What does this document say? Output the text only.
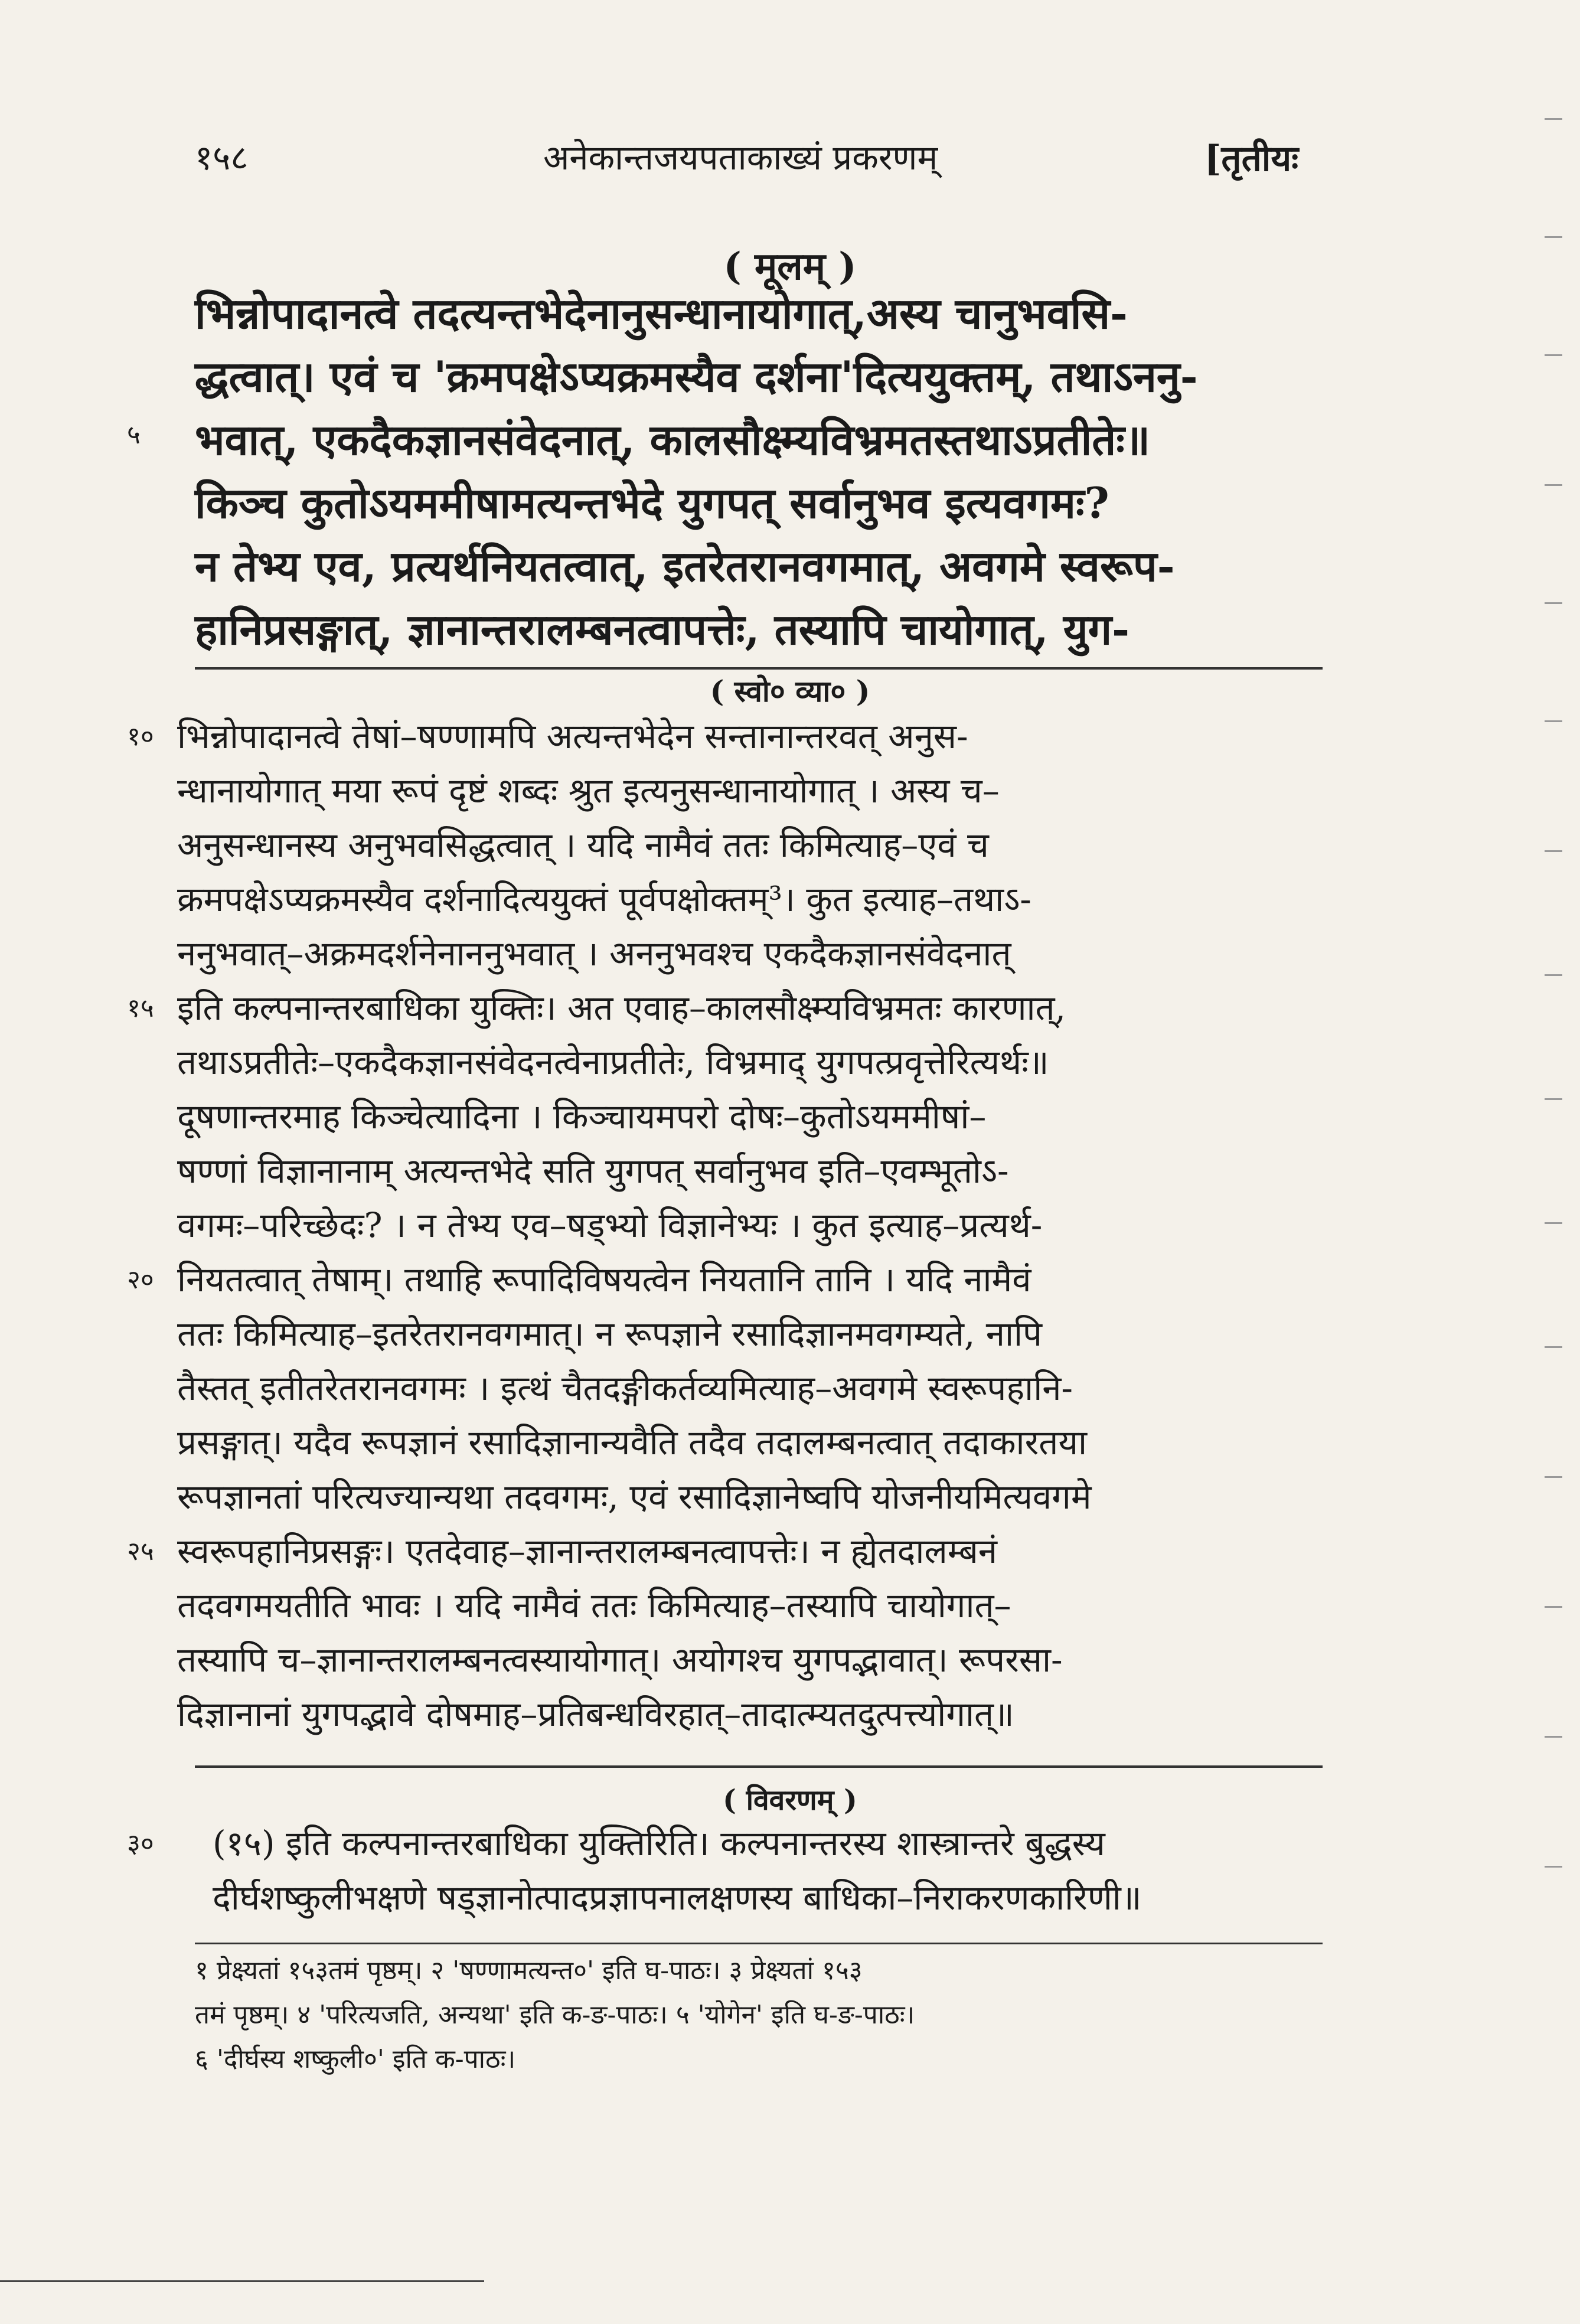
१५८	अनेकान्तजयपताकाख्यं प्रकरणम्	[तृतीयः
( मूलम् )
भिन्नोपादानत्वे तदत्यन्तभेदेनानुसन्धानायोगात्,अस्य चानुभवसि-
द्धत्वात्। एवं च 'क्रमपक्षेऽप्यक्रमस्यैव दर्शना'दित्ययुक्तम्, तथाऽननु-
५	भवात्, एकदैकज्ञानसंवेदनात्, कालसौक्ष्म्यविभ्रमतस्तथाऽप्रतीतेः॥
किञ्च कुतोऽयममीषामत्यन्तभेदे युगपत् सर्वानुभव इत्यवगमः?
न तेभ्य एव, प्रत्यर्थनियतत्वात्, इतरेतरानवगमात्, अवगमे स्वरूप-
हानिप्रसङ्गात्, ज्ञानान्तरालम्बनत्वापत्तेः, तस्यापि चायोगात्, युग-
( स्वो० व्या० )
१० भिन्नोपादानत्वे तेषां–षण्णामपि अत्यन्तभेदेन सन्तानान्तरवत् अनुस-
न्धानायोगात् मया रूपं दृष्टं शब्दः श्रुत इत्यनुसन्धानायोगात् । अस्य च–
अनुसन्धानस्य अनुभवसिद्धत्वात् । यदि नामैवं ततः किमित्याह–एवं च
क्रमपक्षेऽप्यक्रमस्यैव दर्शनादित्ययुक्तं पूर्वपक्षोक्तम्³। कुत इत्याह–तथाऽ-
ननुभवात्–अक्रमदर्शनेनाननुभवात् । अननुभवश्च एकदैकज्ञानसंवेदनात्
१५ इति कल्पनान्तरबाधिका युक्तिः। अत एवाह–कालसौक्ष्म्यविभ्रमतः कारणात्,
तथाऽप्रतीतेः–एकदैकज्ञानसंवेदनत्वेनाप्रतीतेः, विभ्रमाद् युगपत्प्रवृत्तेरित्यर्थः॥
दूषणान्तरमाह किञ्चेत्यादिना । किञ्चायमपरो दोषः–कुतोऽयममीषां–
षण्णां विज्ञानानाम् अत्यन्तभेदे सति युगपत् सर्वानुभव इति–एवम्भूतोऽ-
वगमः–परिच्छेदः? । न तेभ्य एव–षड्भ्यो विज्ञानेभ्यः । कुत इत्याह–प्रत्यर्थ-
२० नियतत्वात् तेषाम्। तथाहि रूपादिविषयत्वेन नियतानि तानि । यदि नामैवं
ततः किमित्याह–इतरेतरानवगमात्। न रूपज्ञाने रसादिज्ञानमवगम्यते, नापि
तैस्तत् इतीतरेतरानवगमः । इत्थं चैतदङ्गीकर्तव्यमित्याह–अवगमे स्वरूपहानि-
प्रसङ्गात्। यदैव रूपज्ञानं रसादिज्ञानान्यवैति तदैव तदालम्बनत्वात् तदाकारतया
रूपज्ञानतां परित्यज्यान्यथा तदवगमः, एवं रसादिज्ञानेष्वपि योजनीयमित्यवगमे
२५ स्वरूपहानिप्रसङ्गः। एतदेवाह–ज्ञानान्तरालम्बनत्वापत्तेः। न ह्येतदालम्बनं
तदवगमयतीति भावः । यदि नामैवं ततः किमित्याह–तस्यापि चायोगात्–
तस्यापि च–ज्ञानान्तरालम्बनत्वस्यायोगात्। अयोगश्च युगपद्भावात्। रूपरसा-
दिज्ञानानां युगपद्भावे दोषमाह–प्रतिबन्धविरहात्–तादात्म्यतदुत्पत्त्योगात्॥
( विवरणम् )
३०	(१५) इति कल्पनान्तरबाधिका युक्तिरिति। कल्पनान्तरस्य शास्त्रान्तरे बुद्धस्य
दीर्घशष्कुलीभक्षणे षड्ज्ञानोत्पादप्रज्ञापनालक्षणस्य बाधिका–निराकरणकारिणी॥
१ प्रेक्ष्यतां १५३तमं पृष्ठम्। २ 'षण्णामत्यन्त०' इति घ-पाठः। ३ प्रेक्ष्यतां १५३
तमं पृष्ठम्। ४ 'परित्यजति, अन्यथा' इति क-ङ-पाठः। ५ 'योगेन' इति घ-ङ-पाठः।
६ 'दीर्घस्य शष्कुली०' इति क-पाठः।
